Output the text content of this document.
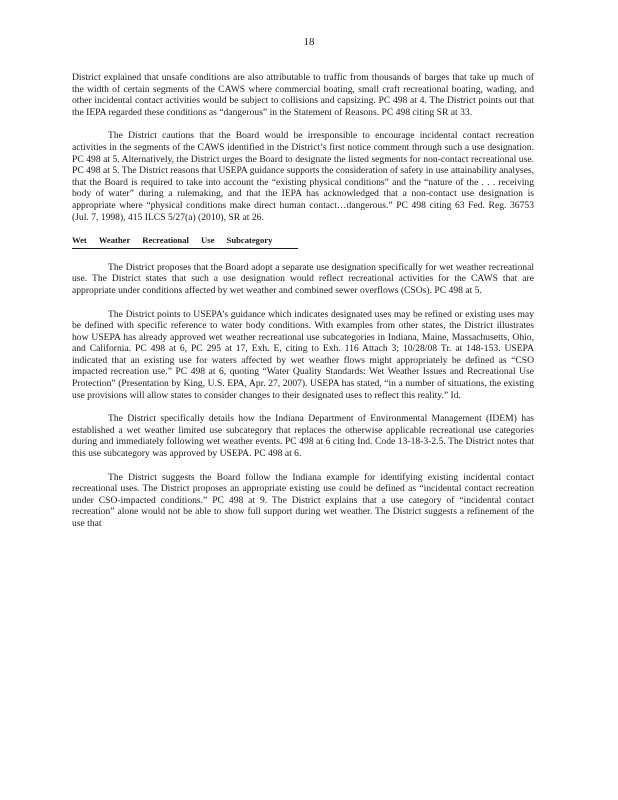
18

District explained that unsafe conditions are also attributable to traffic from thousands of barges that take up much of the width of certain segments of the CAWS where commercial boating, small craft recreational boating, wading, and other incidental contact activities would be subject to collisions and capsizing. PC 498 at 4. The District points out that the IEPA regarded these conditions as “dangerous” in the Statement of Reasons. PC 498 citing SR at 33.

The District cautions that the Board would be irresponsible to encourage incidental contact recreation activities in the segments of the CAWS identified in the District’s first notice comment through such a use designation. PC 498 at 5. Alternatively, the District urges the Board to designate the listed segments for non-contact recreational use. PC 498 at 5. The District reasons that USEPA guidance supports the consideration of safety in use attainability analyses, that the Board is required to take into account the “existing physical conditions” and the “nature of the . . . receiving body of water” during a rulemaking, and that the IEPA has acknowledged that a non-contact use designation is appropriate where “physical conditions make direct human contact…dangerous.” PC 498 citing 63 Fed. Reg. 36753 (Jul. 7, 1998), 415 ILCS 5/27(a) (2010), SR at 26.

Wet Weather Recreational Use Subcategory

The District proposes that the Board adopt a separate use designation specifically for wet weather recreational use. The District states that such a use designation would reflect recreational activities for the CAWS that are appropriate under conditions affected by wet weather and combined sewer overflows (CSOs). PC 498 at 5.

The District points to USEPA’s guidance which indicates designated uses may be refined or existing uses may be defined with specific reference to water body conditions. With examples from other states, the District illustrates how USEPA has already approved wet weather recreational use subcategories in Indiana, Maine, Massachusetts, Ohio, and California. PC 498 at 6, PC 295 at 17, Exh. E, citing to Exh. 116 Attach 3; 10/28/08 Tr. at 148-153. USEPA indicated that an existing use for waters affected by wet weather flows might appropriately be defined as “CSO impacted recreation use.” PC 498 at 6, quoting “Water Quality Standards: Wet Weather Issues and Recreational Use Protection” (Presentation by King, U.S. EPA, Apr. 27, 2007). USEPA has stated, “in a number of situations, the existing use provisions will allow states to consider changes to their designated uses to reflect this reality.” Id.

The District specifically details how the Indiana Department of Environmental Management (IDEM) has established a wet weather limited use subcategory that replaces the otherwise applicable recreational use categories during and immediately following wet weather events. PC 498 at 6 citing Ind. Code 13-18-3-2.5. The District notes that this use subcategory was approved by USEPA. PC 498 at 6.

The District suggests the Board follow the Indiana example for identifying existing incidental contact recreational uses. The District proposes an appropriate existing use could be defined as “incidental contact recreation under CSO-impacted conditions.” PC 498 at 9. The District explains that a use category of “incidental contact recreation” alone would not be able to show full support during wet weather. The District suggests a refinement of the use that
